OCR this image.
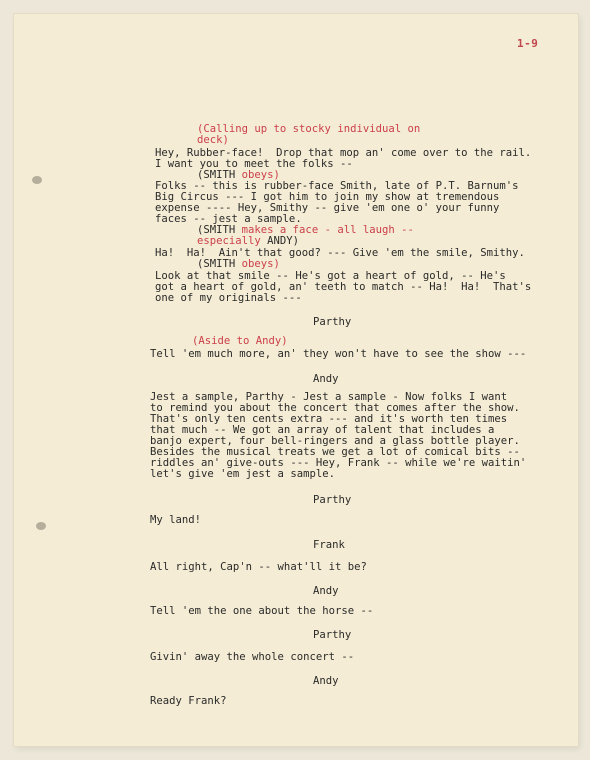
1-9
(Calling up to stocky individual on
deck)
Hey, Rubber-face!  Drop that mop an' come over to the rail.
I want you to meet the folks --
(SMITH obeys)
Folks -- this is rubber-face Smith, late of P.T. Barnum's
Big Circus --- I got him to join my show at tremendous
expense ---- Hey, Smithy -- give 'em one o' your funny
faces -- jest a sample.
(SMITH makes a face - all laugh --
especially ANDY)
Ha!  Ha!  Ain't that good? --- Give 'em the smile, Smithy.
(SMITH obeys)
Look at that smile -- He's got a heart of gold, -- He's
got a heart of gold, an' teeth to match -- Ha!  Ha!  That's
one of my originals ---
Parthy
(Aside to Andy)
Tell 'em much more, an' they won't have to see the show ---
Andy
Jest a sample, Parthy - Jest a sample - Now folks I want
to remind you about the concert that comes after the show.
That's only ten cents extra --- and it's worth ten times
that much -- We got an array of talent that includes a
banjo expert, four bell-ringers and a glass bottle player.
Besides the musical treats we get a lot of comical bits --
riddles an' give-outs --- Hey, Frank -- while we're waitin'
let's give 'em jest a sample.
Parthy
My land!
Frank
All right, Cap'n -- what'll it be?
Andy
Tell 'em the one about the horse --
Parthy
Givin' away the whole concert --
Andy
Ready Frank?
